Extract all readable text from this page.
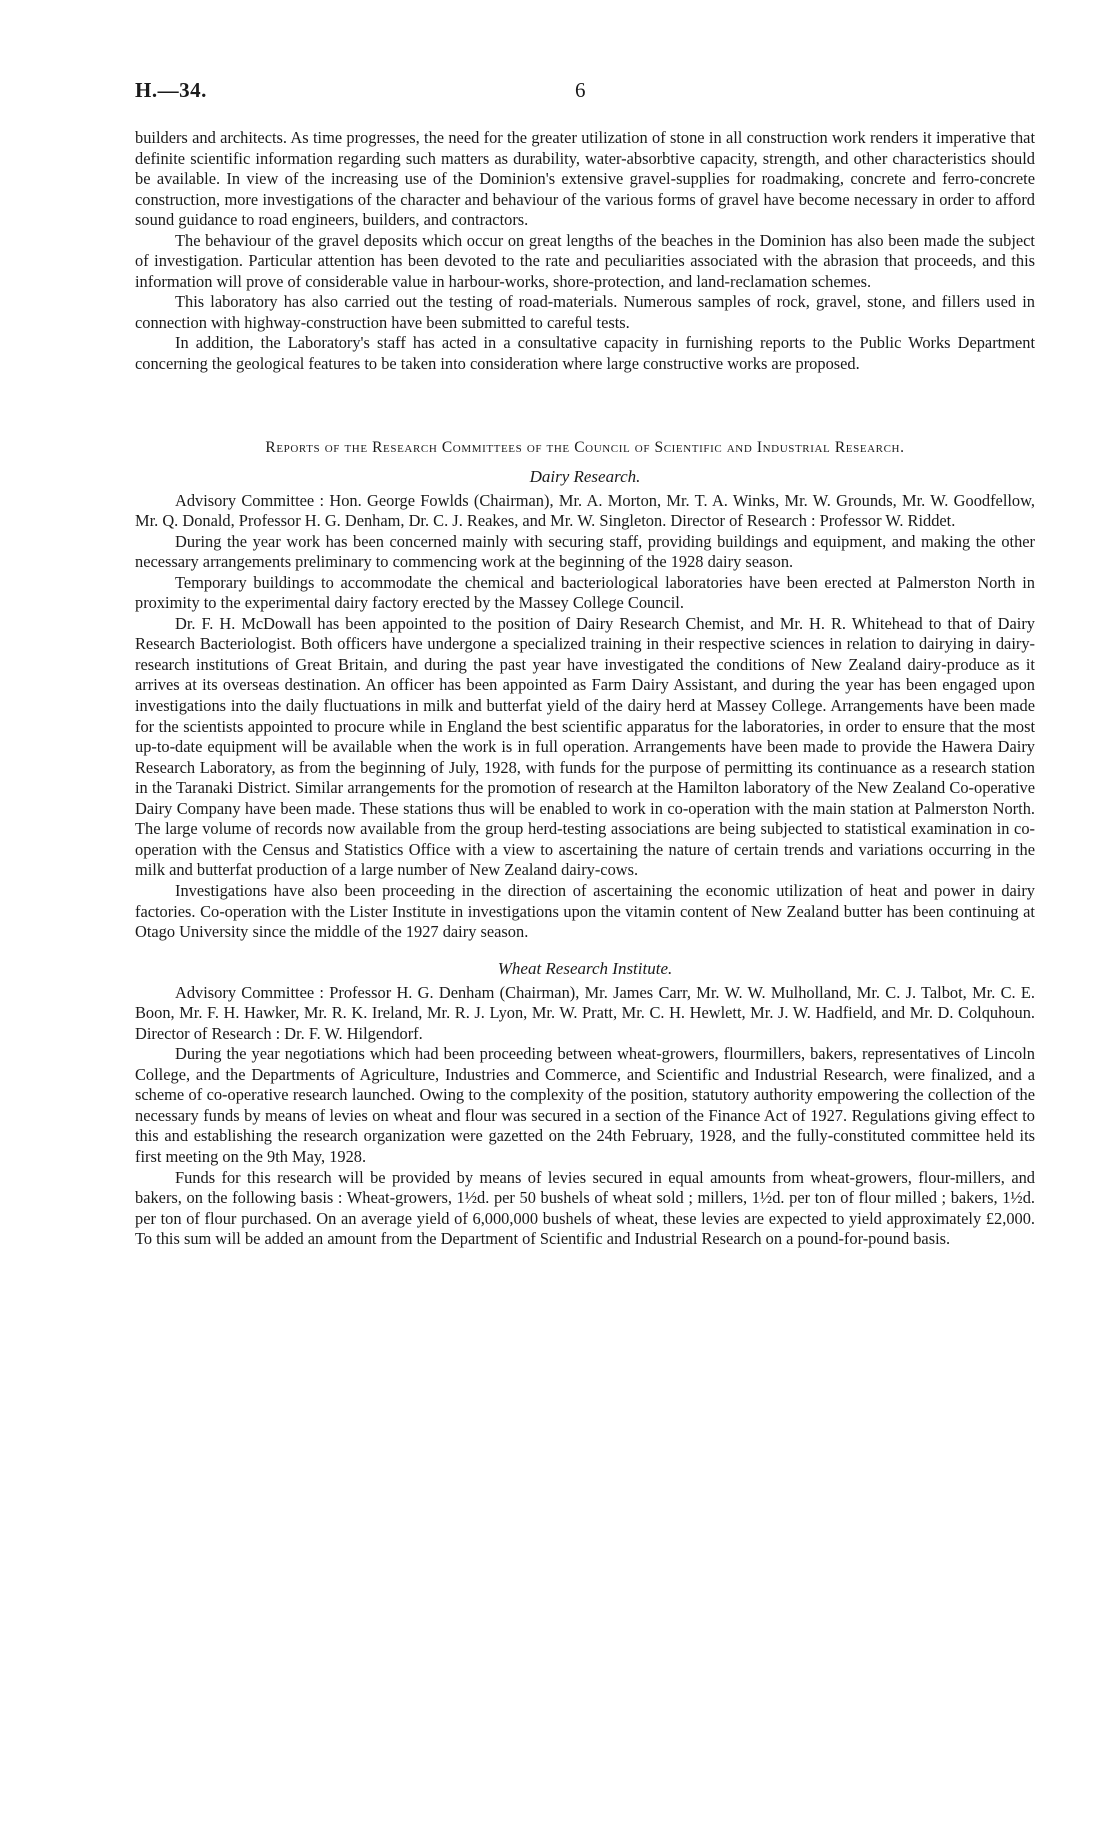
H.—34.	6

builders and architects. As time progresses, the need for the greater utilization of stone in all construction work renders it imperative that definite scientific information regarding such matters as durability, water-absorbtive capacity, strength, and other characteristics should be available. In view of the increasing use of the Dominion's extensive gravel-supplies for roadmaking, concrete and ferro-concrete construction, more investigations of the character and behaviour of the various forms of gravel have become necessary in order to afford sound guidance to road engineers, builders, and contractors.

The behaviour of the gravel deposits which occur on great lengths of the beaches in the Dominion has also been made the subject of investigation. Particular attention has been devoted to the rate and peculiarities associated with the abrasion that proceeds, and this information will prove of considerable value in harbour-works, shore-protection, and land-reclamation schemes.

This laboratory has also carried out the testing of road-materials. Numerous samples of rock, gravel, stone, and fillers used in connection with highway-construction have been submitted to careful tests.

In addition, the Laboratory's staff has acted in a consultative capacity in furnishing reports to the Public Works Department concerning the geological features to be taken into consideration where large constructive works are proposed.

Reports of the Research Committees of the Council of Scientific and Industrial Research.
Dairy Research.

Advisory Committee : Hon. George Fowlds (Chairman), Mr. A. Morton, Mr. T. A. Winks, Mr. W. Grounds, Mr. W. Goodfellow, Mr. Q. Donald, Professor H. G. Denham, Dr. C. J. Reakes, and Mr. W. Singleton. Director of Research : Professor W. Riddet.

During the year work has been concerned mainly with securing staff, providing buildings and equipment, and making the other necessary arrangements preliminary to commencing work at the beginning of the 1928 dairy season.

Temporary buildings to accommodate the chemical and bacteriological laboratories have been erected at Palmerston North in proximity to the experimental dairy factory erected by the Massey College Council.

Dr. F. H. McDowall has been appointed to the position of Dairy Research Chemist, and Mr. H. R. Whitehead to that of Dairy Research Bacteriologist. Both officers have undergone a specialized training in their respective sciences in relation to dairying in dairy-research institutions of Great Britain, and during the past year have investigated the conditions of New Zealand dairy-produce as it arrives at its overseas destination. An officer has been appointed as Farm Dairy Assistant, and during the year has been engaged upon investigations into the daily fluctuations in milk and butterfat yield of the dairy herd at Massey College. Arrangements have been made for the scientists appointed to procure while in England the best scientific apparatus for the laboratories, in order to ensure that the most up-to-date equipment will be available when the work is in full operation. Arrangements have been made to provide the Hawera Dairy Research Laboratory, as from the beginning of July, 1928, with funds for the purpose of permitting its continuance as a research station in the Taranaki District. Similar arrangements for the promotion of research at the Hamilton laboratory of the New Zealand Co-operative Dairy Company have been made. These stations thus will be enabled to work in co-operation with the main station at Palmerston North. The large volume of records now available from the group herd-testing associations are being subjected to statistical examination in co-operation with the Census and Statistics Office with a view to ascertaining the nature of certain trends and variations occurring in the milk and butterfat production of a large number of New Zealand dairy-cows.

Investigations have also been proceeding in the direction of ascertaining the economic utilization of heat and power in dairy factories. Co-operation with the Lister Institute in investigations upon the vitamin content of New Zealand butter has been continuing at Otago University since the middle of the 1927 dairy season.

Wheat Research Institute.

Advisory Committee : Professor H. G. Denham (Chairman), Mr. James Carr, Mr. W. W. Mulholland, Mr. C. J. Talbot, Mr. C. E. Boon, Mr. F. H. Hawker, Mr. R. K. Ireland, Mr. R. J. Lyon, Mr. W. Pratt, Mr. C. H. Hewlett, Mr. J. W. Hadfield, and Mr. D. Colquhoun. Director of Research : Dr. F. W. Hilgendorf.

During the year negotiations which had been proceeding between wheat-growers, flourmillers, bakers, representatives of Lincoln College, and the Departments of Agriculture, Industries and Commerce, and Scientific and Industrial Research, were finalized, and a scheme of co-operative research launched. Owing to the complexity of the position, statutory authority empowering the collection of the necessary funds by means of levies on wheat and flour was secured in a section of the Finance Act of 1927. Regulations giving effect to this and establishing the research organization were gazetted on the 24th February, 1928, and the fully-constituted committee held its first meeting on the 9th May, 1928.

Funds for this research will be provided by means of levies secured in equal amounts from wheat-growers, flour-millers, and bakers, on the following basis : Wheat-growers, 1½d. per 50 bushels of wheat sold ; millers, 1½d. per ton of flour milled ; bakers, 1½d. per ton of flour purchased. On an average yield of 6,000,000 bushels of wheat, these levies are expected to yield approximately £2,000. To this sum will be added an amount from the Department of Scientific and Industrial Research on a pound-for-pound basis.
